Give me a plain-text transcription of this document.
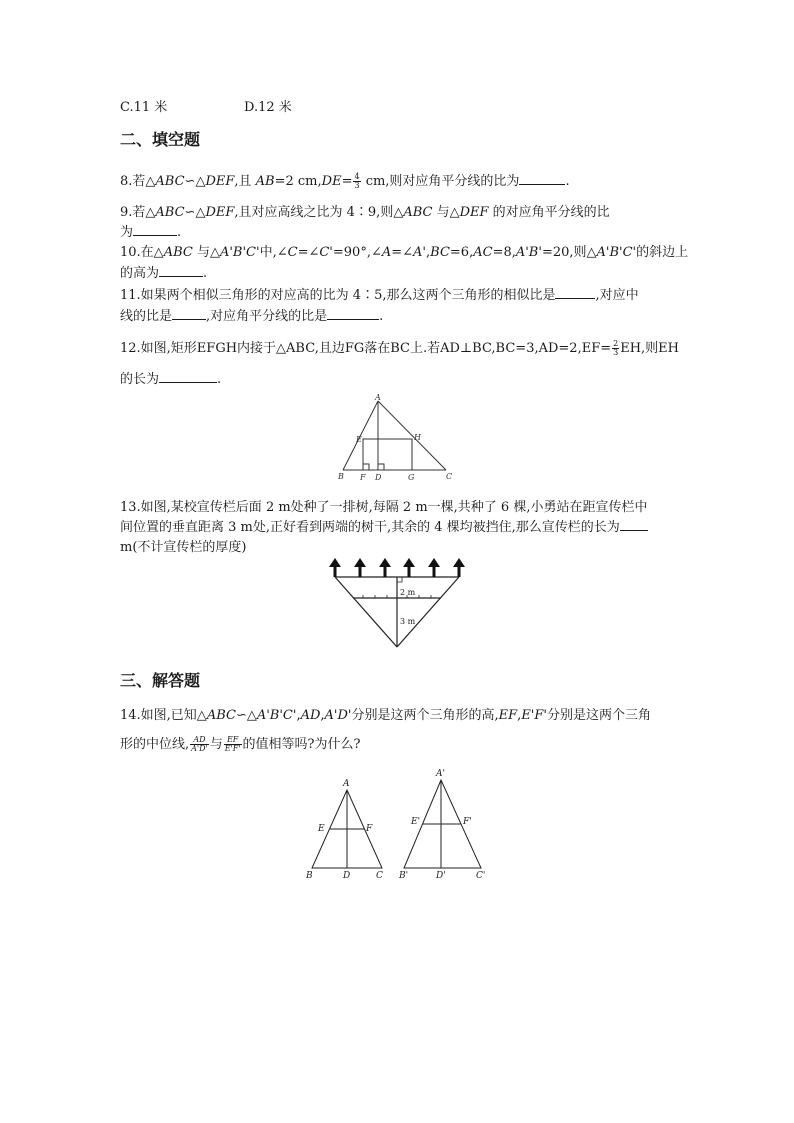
C.11 米	D.12 米
二、填空题
8.若△ABC∽△DEF,且 AB=2 $cm,DE= \frac{4}{3}$ cm,则对应角平分线的比为	.
9.若△ABC∽△DEF,且对应高线之比为 4∶9,则△ABC 与△DEF 的对应角平分线的比
为	.
10.在△ABC 与△A'B'C'中,∠C=∠C'=90°,∠A=∠A',BC=6,AC=8,A'B'=20,则△A'B'C'的斜边上
的高为	.
11.如果两个相似三角形的对应高的比为 4∶5,那么这两个三角形的相似比是	,对应中
线的比是	,对应角平分线的比是	.
12.如图,矩形EFGH内接于△ABC,且边FG落在BC上.若AD⊥BC,BC=3,AD=2,EF= $\frac{2}{3}$ EH,则EH
的长为	.
A
E	H
B F D	G	C
13.如图,某校宣传栏后面 2 m处种了一排树,每隔 2 m一棵,共种了 6 棵,小勇站在距宣传栏中
间位置的垂直距离 3 m处,正好看到两端的树干,其余的 4 棵均被挡住,那么宣传栏的长为
m(不计宣传栏的厚度)
2 m
3 m
三、解答题
14.如图,已知△ABC∽△A'B'C',AD,A'D'分别是这两个三角形的高,EF,E'F'分别是这两个三角
形的中位线, $\frac{AD}{A'D'}$ 与 $\frac{EF}{E'F'}$ 的值相等吗?为什么?
A
E	F
B	D	C
A'
E'	F'
B'	D'	C'
